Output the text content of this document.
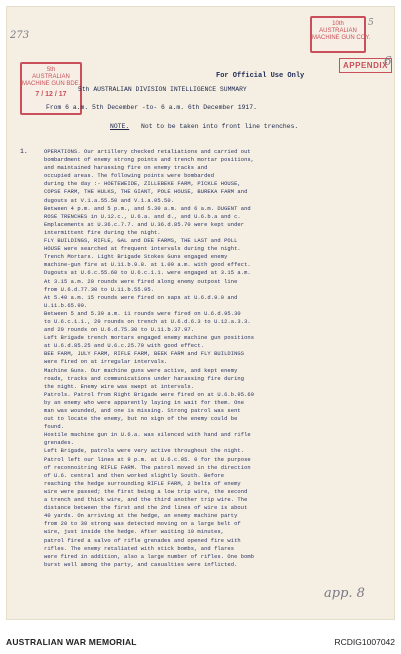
273
5
5th
AUSTRALIAN
MACHINE GUN BDE.
7 / 12 / 17
10th
AUSTRALIAN
MACHINE GUN COY.
APPENDIX
6
For Official Use Only
5th AUSTRALIAN DIVISION INTELLIGENCE SUMMARY
From 6 a.m. 5th December -to- 6 a.m. 6th December 1917.
NOTE. Not to be taken into front line trenches.
1.	OPERATIONS. Our artillery checked retaliations and carried out
bombardment of enemy strong points and trench mortar positions,
and maintained harassing fire on enemy tracks and
occupied areas. The following points were bombarded
during the day :- HOETEWEIDE, ZILLEBEKE FARM, PICKLE HOUSE,
COPSE FARM, THE HULKS, THE GIANT, POLE HOUSE, BUREKA FARM and
dugouts at V.1.a.55.50 and V.1.a.05.50.
Between 4 p.m. and 5 p.m., and 5.30 a.m. and 6 a.m. DUGENT and
ROSE TRENCHES in U.12.c., U.6.a. and d., and U.6.b.a and c.
Emplacements at U.36.c.7.7. and U.36.d.85.70 were kept under
intermittent fire during the night.
FLY BUILDINGS, RIFLE, GAL and DEE FARMS, THE LAST and POLL
HOUSE were searched at frequent intervals during the night.
Trench Mortars. Light Brigade Stokes Guns engaged enemy
machine-gun fire at U.11.b.9.8. at 1.00 a.m. with good effect.
Dugouts at U.6.c.55.60 to U.6.c.1.1. were engaged at 3.15 a.m.
At 3.15 a.m. 20 rounds were fired along enemy outpost line
from U.6.d.77.30 to U.11.b.55.95.
At 5.40 a.m. 15 rounds were fired on saps at U.6.d.9.0 and
U.11.b.65.90.
Between 5 and 5.30 a.m. 11 rounds were fired on U.6.d.95.30
to U.6.c.1.1., 20 rounds on trench at U.6.d.6.3 to U.12.a.3.3.
and 20 rounds on U.6.d.75.30 to U.11.b.37.97.
Left Brigade trench mortars engaged enemy machine gun positions
at U.6.d.85.25 and U.6.c.25.70 with good effect.
BEE FARM, JULY FARM, RIFLE FARM, BEEK FARM and FLY BUILDINGS
were fired on at irregular intervals.
Machine Guns. Our machine guns were active, and kept enemy
roads, tracks and communications under harassing fire during
the night. Enemy wire was swept at intervals.
Patrols. Patrol from Right Brigade were fired on at U.6.b.95.60
by an enemy who were apparently laying in wait for them. One
man was wounded, and one is missing. Strong patrol was sent
out to locate the enemy, but no sign of the enemy could be
found.
Hostile machine gun in U.6.a. was silenced with hand and rifle
grenades.
Left Brigade, patrols were very active throughout the night.
Patrol left our lines at 9 p.m. at U.6.c.05. 0 for the purpose
of reconnoitring RIFLE FARM. The patrol moved in the direction
of U.6. central and then worked slightly South. Before
reaching the hedge surrounding RIFLE FARM, 2 belts of enemy
wire were passed; the first being a low trip wire, the second
a trench and thick wire, and the third another trip wire. The
distance between the first and the 2nd lines of wire is about
40 yards. On arriving at the hedge, an enemy machine party
from 20 to 30 strong was detected moving on a large belt of
wire, just inside the hedge. After waiting 10 minutes,
patrol fired a salvo of rifle grenades and opened fire with
rifles. The enemy retaliated with stick bombs, and flares
were fired in addition, also a large number of rifles. One bomb
burst well among the party, and casualties were inflicted.
app. 8
AUSTRALIAN WAR MEMORIAL	RCDIG1007042
